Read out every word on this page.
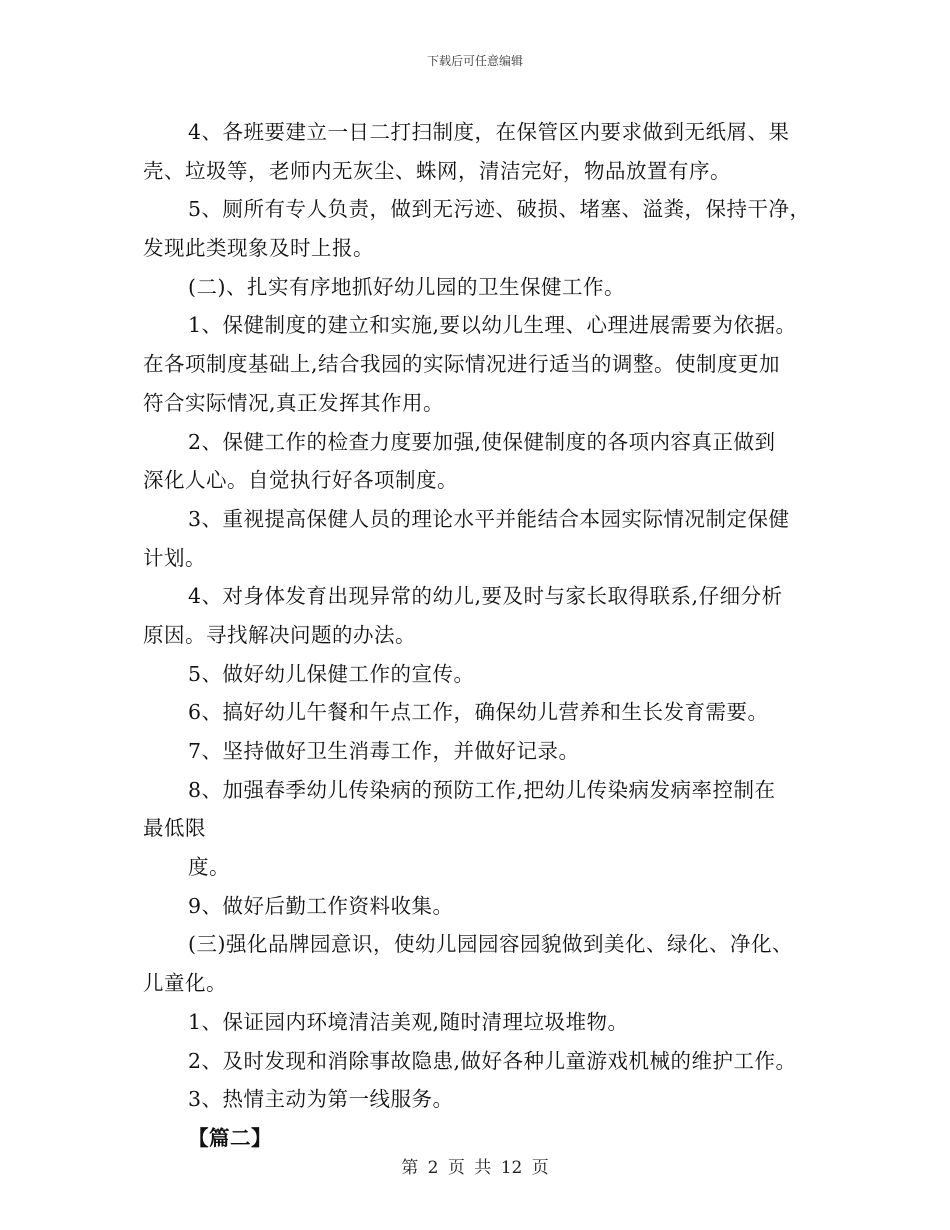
下载后可任意编辑
4、各班要建立一日二打扫制度，在保管区内要求做到无纸屑、果
壳、垃圾等，老师内无灰尘、蛛网，清洁完好，物品放置有序。
5、厕所有专人负责，做到无污迹、破损、堵塞、溢粪，保持干净，
发现此类现象及时上报。
(二)、扎实有序地抓好幼儿园的卫生保健工作。
1、保健制度的建立和实施,要以幼儿生理、心理进展需要为依据。
在各项制度基础上,结合我园的实际情况进行适当的调整。使制度更加
符合实际情况,真正发挥其作用。
2、保健工作的检查力度要加强,使保健制度的各项内容真正做到
深化人心。自觉执行好各项制度。
3、重视提高保健人员的理论水平并能结合本园实际情况制定保健
计划。
4、对身体发育出现异常的幼儿,要及时与家长取得联系,仔细分析
原因。寻找解决问题的办法。
5、做好幼儿保健工作的宣传。
6、搞好幼儿午餐和午点工作，确保幼儿营养和生长发育需要。
7、坚持做好卫生消毒工作，并做好记录。
8、加强春季幼儿传染病的预防工作,把幼儿传染病发病率控制在
最低限
度。
9、做好后勤工作资料收集。
(三)强化品牌园意识，使幼儿园园容园貌做到美化、绿化、净化、
儿童化。
1、保证园内环境清洁美观,随时清理垃圾堆物。
2、及时发现和消除事故隐患,做好各种儿童游戏机械的维护工作。
3、热情主动为第一线服务。
【篇二】
第 2 页 共 12 页
